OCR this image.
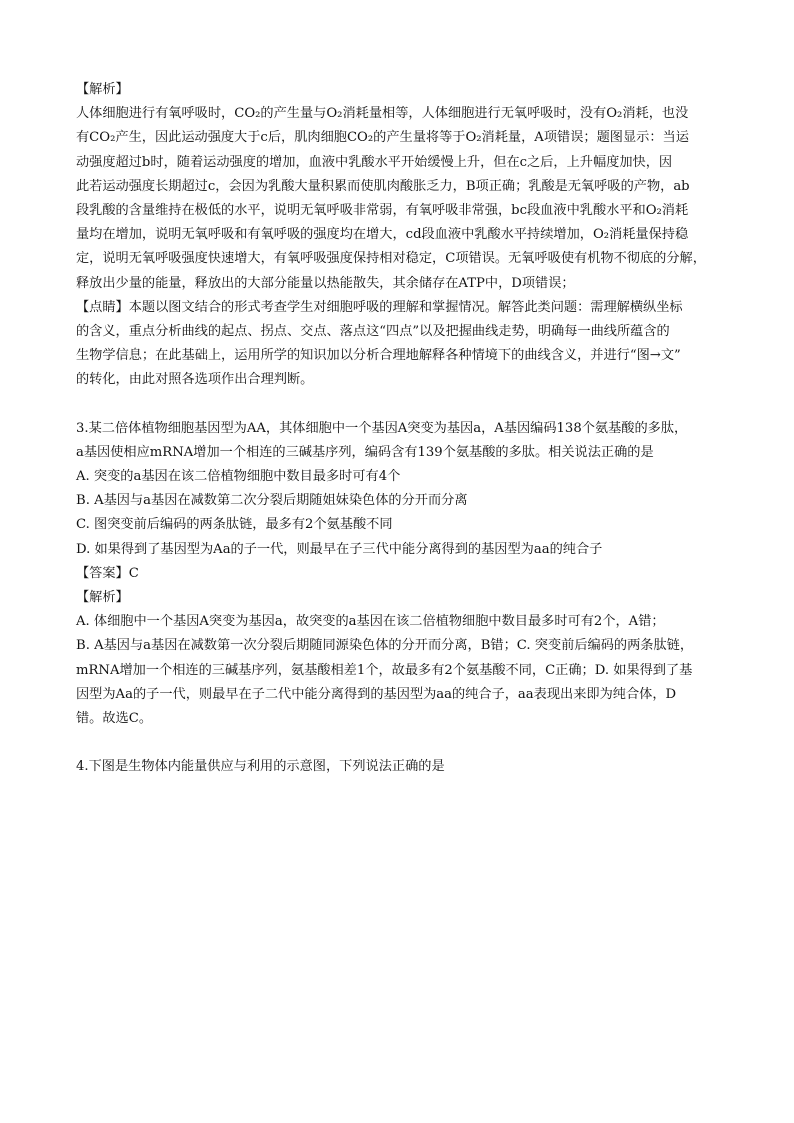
【解析】

人体细胞进行有氧呼吸时，CO₂的产生量与O₂消耗量相等，人体细胞进行无氧呼吸时，没有O₂消耗，也没

有CO₂产生，因此运动强度大于c后，肌肉细胞CO₂的产生量将等于O₂消耗量，A项错误；题图显示：当运

动强度超过b时，随着运动强度的增加，血液中乳酸水平开始缓慢上升，但在c之后，上升幅度加快，因

此若运动强度长期超过c，会因为乳酸大量积累而使肌肉酸胀乏力，B项正确；乳酸是无氧呼吸的产物，ab

段乳酸的含量维持在极低的水平，说明无氧呼吸非常弱，有氧呼吸非常强，bc段血液中乳酸水平和O₂消耗

量均在增加，说明无氧呼吸和有氧呼吸的强度均在增大，cd段血液中乳酸水平持续增加，O₂消耗量保持稳

定，说明无氧呼吸强度快速增大，有氧呼吸强度保持相对稳定，C项错误。无氧呼吸使有机物不彻底的分解，

释放出少量的能量，释放出的大部分能量以热能散失，其余储存在ATP中，D项错误；

【点睛】本题以图文结合的形式考查学生对细胞呼吸的理解和掌握情况。解答此类问题：需理解横纵坐标

的含义，重点分析曲线的起点、拐点、交点、落点这“四点”以及把握曲线走势，明确每一曲线所蕴含的

生物学信息；在此基础上，运用所学的知识加以分析合理地解释各种情境下的曲线含义，并进行“图→文”

的转化，由此对照各选项作出合理判断。

3.某二倍体植物细胞基因型为AA，其体细胞中一个基因A突变为基因a，A基因编码138个氨基酸的多肽，

a基因使相应mRNA增加一个相连的三碱基序列，编码含有139个氨基酸的多肽。相关说法正确的是

A. 突变的a基因在该二倍植物细胞中数目最多时可有4个

B. A基因与a基因在减数第二次分裂后期随姐妹染色体的分开而分离

C. 图突变前后编码的两条肽链，最多有2个氨基酸不同

D. 如果得到了基因型为Aa的子一代，则最早在子三代中能分离得到的基因型为aa的纯合子

【答案】C

【解析】

A. 体细胞中一个基因A突变为基因a，故突变的a基因在该二倍植物细胞中数目最多时可有2个，A错；

B. A基因与a基因在减数第一次分裂后期随同源染色体的分开而分离，B错；C. 突变前后编码的两条肽链，

mRNA增加一个相连的三碱基序列，氨基酸相差1个，故最多有2个氨基酸不同，C正确；D. 如果得到了基

因型为Aa的子一代，则最早在子二代中能分离得到的基因型为aa的纯合子，aa表现出来即为纯合体，D

错。故选C。

4.下图是生物体内能量供应与利用的示意图，下列说法正确的是
